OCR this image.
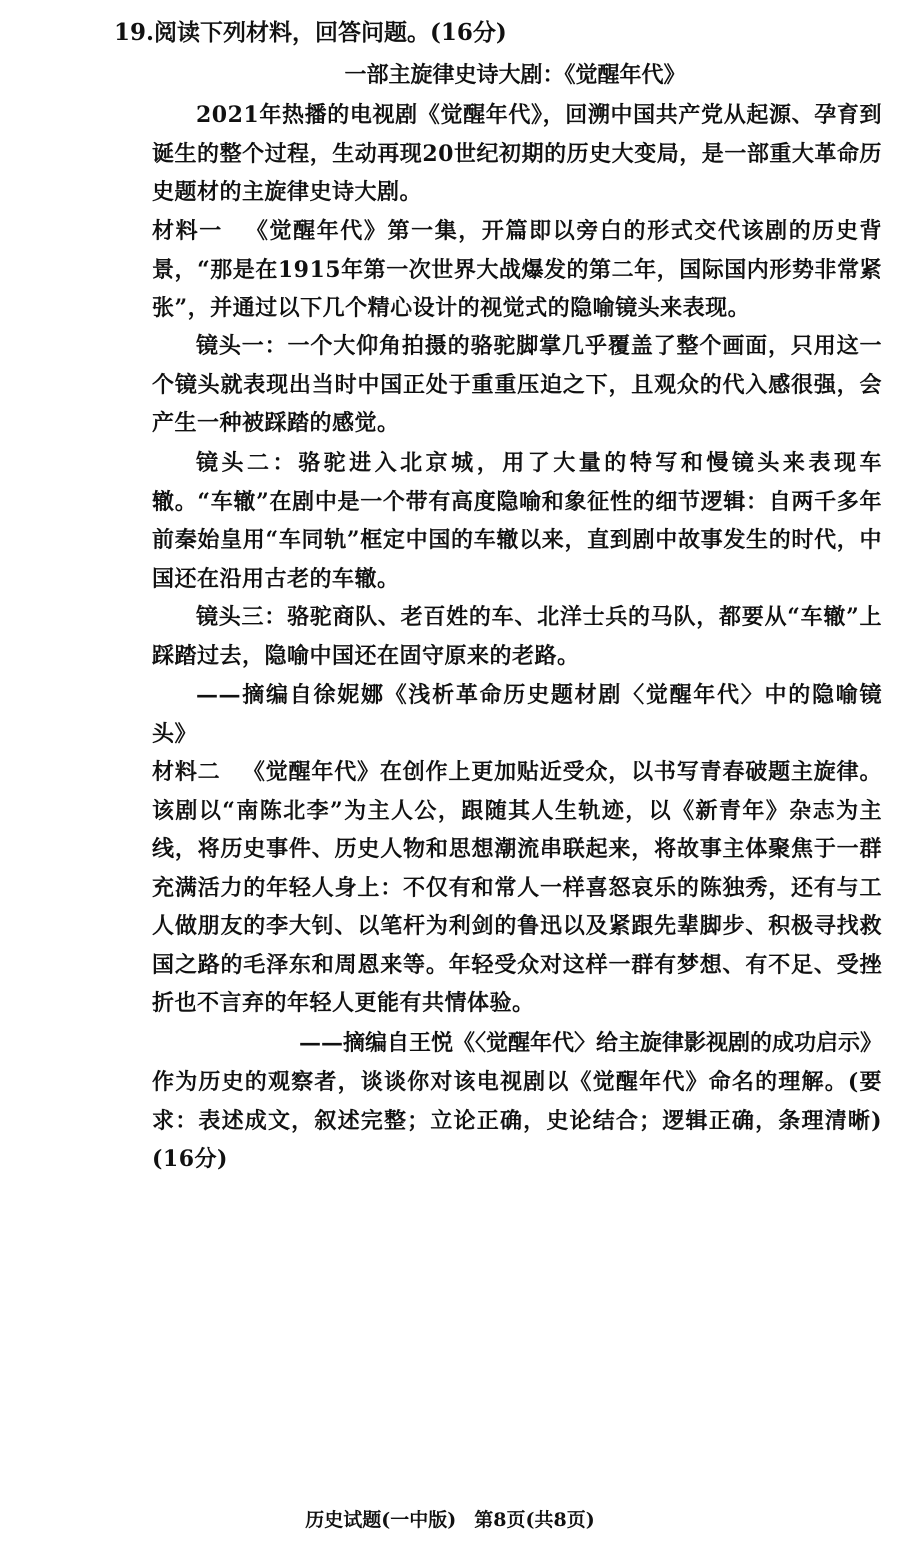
19.阅读下列材料，回答问题。(16分)
一部主旋律史诗大剧：《觉醒年代》
2021年热播的电视剧《觉醒年代》，回溯中国共产党从起源、孕育到诞生的整个过程，生动再现20世纪初期的历史大变局，是一部重大革命历史题材的主旋律史诗大剧。
材料一 《觉醒年代》第一集，开篇即以旁白的形式交代该剧的历史背景，“那是在1915年第一次世界大战爆发的第二年，国际国内形势非常紧张”，并通过以下几个精心设计的视觉式的隐喻镜头来表现。
镜头一：一个大仰角拍摄的骆驼脚掌几乎覆盖了整个画面，只用这一个镜头就表现出当时中国正处于重重压迫之下，且观众的代入感很强，会产生一种被踩踏的感觉。
镜头二：骆驼进入北京城，用了大量的特写和慢镜头来表现车辙。“车辙”在剧中是一个带有高度隐喻和象征性的细节逻辑：自两千多年前秦始皇用“车同轨”框定中国的车辙以来，直到剧中故事发生的时代，中国还在沿用古老的车辙。
镜头三：骆驼商队、老百姓的车、北洋士兵的马队，都要从“车辙”上踩踏过去，隐喻中国还在固守原来的老路。
——摘编自徐妮娜《浅析革命历史题材剧〈觉醒年代〉中的隐喻镜头》
材料二 《觉醒年代》在创作上更加贴近受众，以书写青春破题主旋律。该剧以“南陈北李”为主人公，跟随其人生轨迹，以《新青年》杂志为主线，将历史事件、历史人物和思想潮流串联起来，将故事主体聚焦于一群充满活力的年轻人身上：不仅有和常人一样喜怒哀乐的陈独秀，还有与工人做朋友的李大钊、以笔杆为利剑的鲁迅以及紧跟先辈脚步、积极寻找救国之路的毛泽东和周恩来等。年轻受众对这样一群有梦想、有不足、受挫折也不言弃的年轻人更能有共情体验。
——摘编自王悦《〈觉醒年代〉给主旋律影视剧的成功启示》
作为历史的观察者，谈谈你对该电视剧以《觉醒年代》命名的理解。(要求：表述成文，叙述完整；立论正确，史论结合；逻辑正确，条理清晰)(16分)
历史试题(一中版) 第8页(共8页)
